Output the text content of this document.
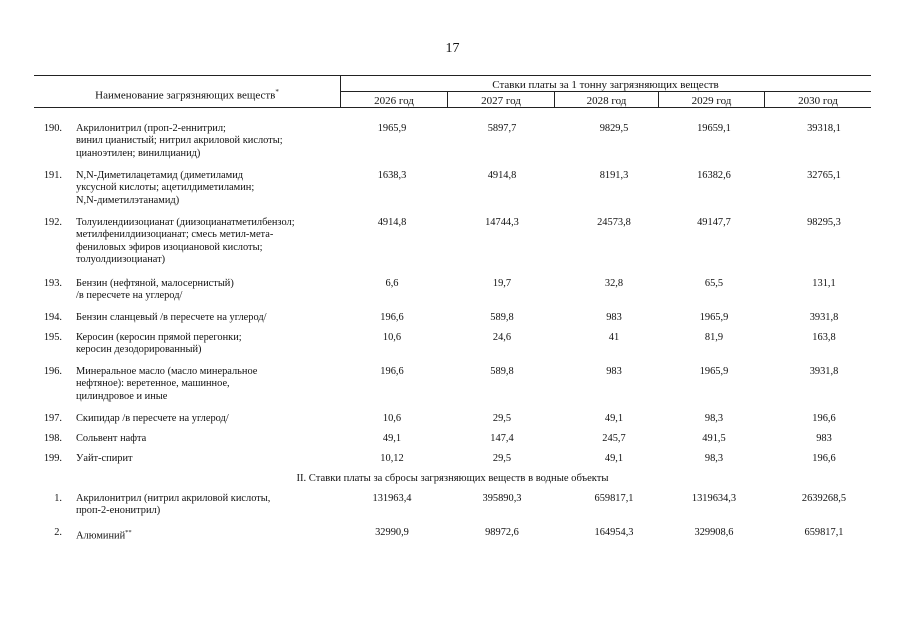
17
Наименование загрязняющих веществ*
Ставки платы за 1 тонну загрязняющих веществ
2026 год	2027 год	2028 год	2029 год	2030 год
190. Акрилонитрил (проп-2-еннитрил;
винил цианистый; нитрил акриловой кислоты;
цианоэтилен; винилцианид)
1965,9	5897,7	9829,5	19659,1	39318,1
191. N,N-Диметилацетамид (диметиламид
уксусной кислоты; ацетилдиметиламин;
N,N-диметилэтанамид)
1638,3	4914,8	8191,3	16382,6	32765,1
192. Толуилендиизоцианат (диизоцианатметилбензол;
метилфенилдиизоцианат; смесь метил-мета-
фениловых эфиров изоциановой кислоты;
толуолдиизоцианат)
4914,8	14744,3	24573,8	49147,7	98295,3
193. Бензин (нефтяной, малосернистый)
/в пересчете на углерод/
6,6	19,7	32,8	65,5	131,1
194. Бензин сланцевый /в пересчете на углерод/	196,6	589,8	983	1965,9	3931,8
195. Керосин (керосин прямой перегонки;
керосин дезодорированный)
10,6	24,6	41	81,9	163,8
196. Минеральное масло (масло минеральное
нефтяное): веретенное, машинное,
цилиндровое и иные
196,6	589,8	983	1965,9	3931,8
197. Скипидар /в пересчете на углерод/	10,6	29,5	49,1	98,3	196,6
198. Сольвент нафта	49,1	147,4	245,7	491,5	983
199. Уайт-спирит	10,12	29,5	49,1	98,3	196,6
II. Ставки платы за сбросы загрязняющих веществ в водные объекты
1. Акрилонитрил (нитрил акриловой кислоты,
проп-2-енонитрил)
131963,4	395890,3	659817,1	1319634,3	2639268,5
2. Алюминий**	32990,9	98972,6	164954,3	329908,6	659817,1
